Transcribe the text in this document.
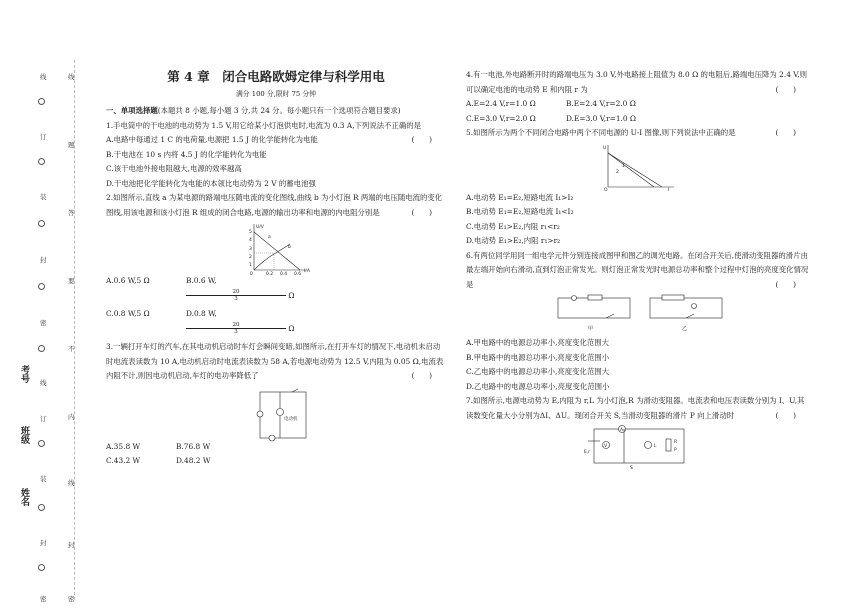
姓名
班级
考号
线
订
装
封
密
线
订
装
封
密
线
题
答
要
不
内
线
封
密
第 4 章　闭合电路欧姆定律与科学用电
满分 100 分,限时 75 分钟

一、单项选择题(本题共 8 小题,每小题 3 分,共 24 分。每小题只有一个选项符合题目要求)

1.手电筒中的干电池的电动势为 1.5 V,用它给某小灯泡供电时,电流为 0.3 A,下列说法不正确的是
(　　)

A.电路中每通过 1 C 的电荷量,电源把 1.5 J 的化学能转化为电能

B.干电池在 10 s 内将 4.5 J 的化学能转化为电能

C.该干电池外接电阻越大,电源的效率越高

D.干电池把化学能转化为电能的本领比电动势为 2 V 的蓄电池强

2.如图所示,直线 a 为某电源的路端电压随电流的变化图线,曲线 b 为小灯泡 R 两端的电压随电流的变化图线,用该电源和该小灯泡 R 组成的闭合电路,电源的输出功率和电源的内电阻分别是	(　　)

U/V
I/A
5
4
3
2
1
0	0.2 0.4 0.6
a
b
A.0.6 W,5 Ω	B.0.6 W,
$\frac{20}{3}$ Ω
C.0.8 W,5 Ω	D.0.8 W,
$\frac{20}{3}$ Ω

3.一辆打开车灯的汽车,在其电动机启动时车灯会瞬间变暗,如图所示,在打开车灯的情况下,电动机未启动时电流表读数为 10 A,电动机启动时电流表读数为 58 A,若电源电动势为 12.5 V,内阻为 0.05 Ω,电流表内阻不计,则因电动机启动,车灯的电功率降低了	(　　)

电动机
A.35.8 W	B.76.8 W
C.43.2 W	D.48.2 W

4.有一电池,外电路断开时的路端电压为 3.0 V,外电路接上阻值为 8.0 Ω 的电阻后,路端电压降为 2.4 V,则可以确定电池的电动势 E 和内阻 r 为	(　　)

A.E=2.4 V,r=1.0 Ω	B.E=2.4 V,r=2.0 Ω
C.E=3.0 V,r=2.0 Ω	D.E=3.0 V,r=1.0 Ω

5.如图所示为两个不同闭合电路中两个不同电源的 U-I 图像,则下列说法中正确的是	(　　)

U
O	I
1
2

A.电动势 E₁=E₂,短路电流 I₁>I₂

B.电动势 E₁=E₂,短路电流 I₁<I₂

C.电动势 E₁>E₂,内阻 r₁<r₂

D.电动势 E₁>E₂,内阻 r₁>r₂

6.有两位同学用同一组电学元件分别连接成图甲和图乙的调光电路。在闭合开关后,使滑动变阻器的滑片由最左端开始向右滑动,直到灯泡正常发光。则灯泡正常发光时电源总功率和整个过程中灯泡的亮度变化情况是	(　　)

甲	乙

A.甲电路中的电源总功率小,亮度变化范围大

B.甲电路中的电源总功率小,亮度变化范围小

C.乙电路中的电源总功率小,亮度变化范围大

D.乙电路中的电源总功率小,亮度变化范围小

7.如图所示,电源电动势为 E,内阻为 r,L 为小灯泡,R 为滑动变阻器。电流表和电压表读数分别为 I、U,其读数变化量大小分别为ΔI、ΔU。现闭合开关 S,当滑动变阻器的滑片 P 向上滑动时	(　　)

A
V	L
R
P
E,r
S
